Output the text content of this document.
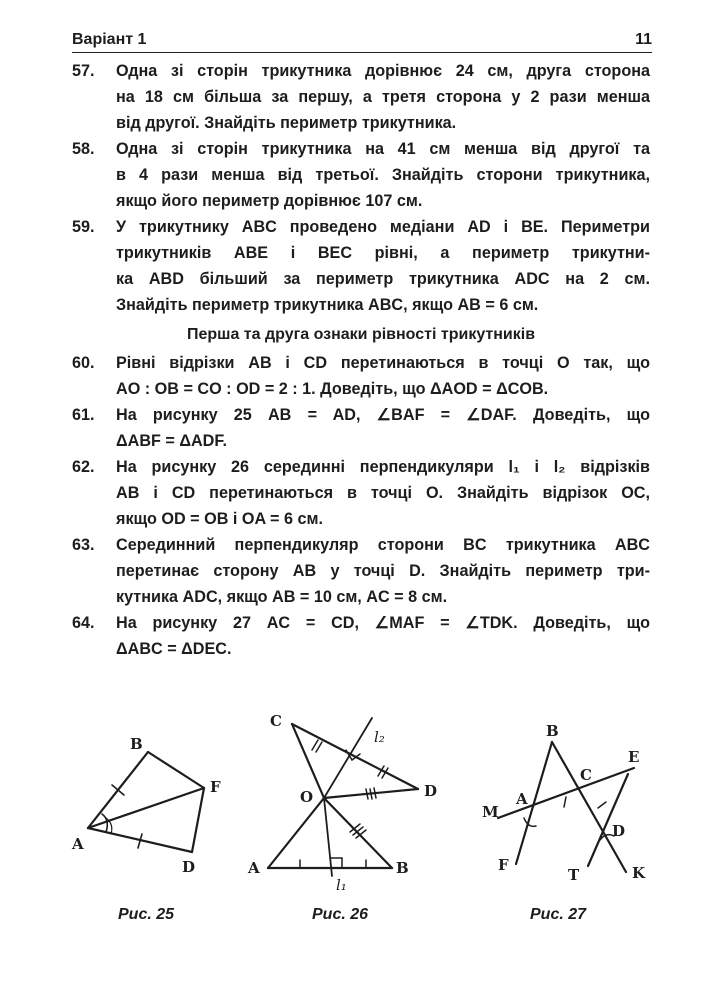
Варіант 1	11
57. Одна зі сторін трикутника дорівнює 24 см, друга сторона
на 18 см більша за першу, а третя сторона у 2 рази менша
від другої. Знайдіть периметр трикутника.
58. Одна зі сторін трикутника на 41 см менша від другої та
в 4 рази менша від третьої. Знайдіть сторони трикутника,
якщо його периметр дорівнює 107 см.
59. У трикутнику ABC проведено медіани AD і BE. Периметри
трикутників ABE і BEC рівні, а периметр трикутни-
ка ABD більший за периметр трикутника ADC на 2 см.
Знайдіть периметр трикутника ABC, якщо AB = 6 см.
Перша та друга ознаки рівності трикутників
60. Рівні відрізки AB і CD перетинаються в точці O так, що
AO : OB = CO : OD = 2 : 1. Доведіть, що ΔAOD = ΔCOB.
61. На рисунку 25 AB = AD, ∠BAF = ∠DAF. Доведіть, що
ΔABF = ΔADF.
62. На рисунку 26 серединні перпендикуляри l₁ і l₂ відрізків
AB і CD перетинаються в точці O. Знайдіть відрізок OC,
якщо OD = OB і OA = 6 см.
63. Серединний перпендикуляр сторони BC трикутника ABC
перетинає сторону AB у точці D. Знайдіть периметр три-
кутника ADC, якщо AB = 10 см, AC = 8 см.
64. На рисунку 27 AC = CD, ∠MAF = ∠TDK. Доведіть, що
ΔABC = ΔDEC.
B
F
A
D
C
l₂
O	D
A	B
l₁
B
E
C
M
A
D
F
T	K
Рис. 25	Рис. 26	Рис. 27
